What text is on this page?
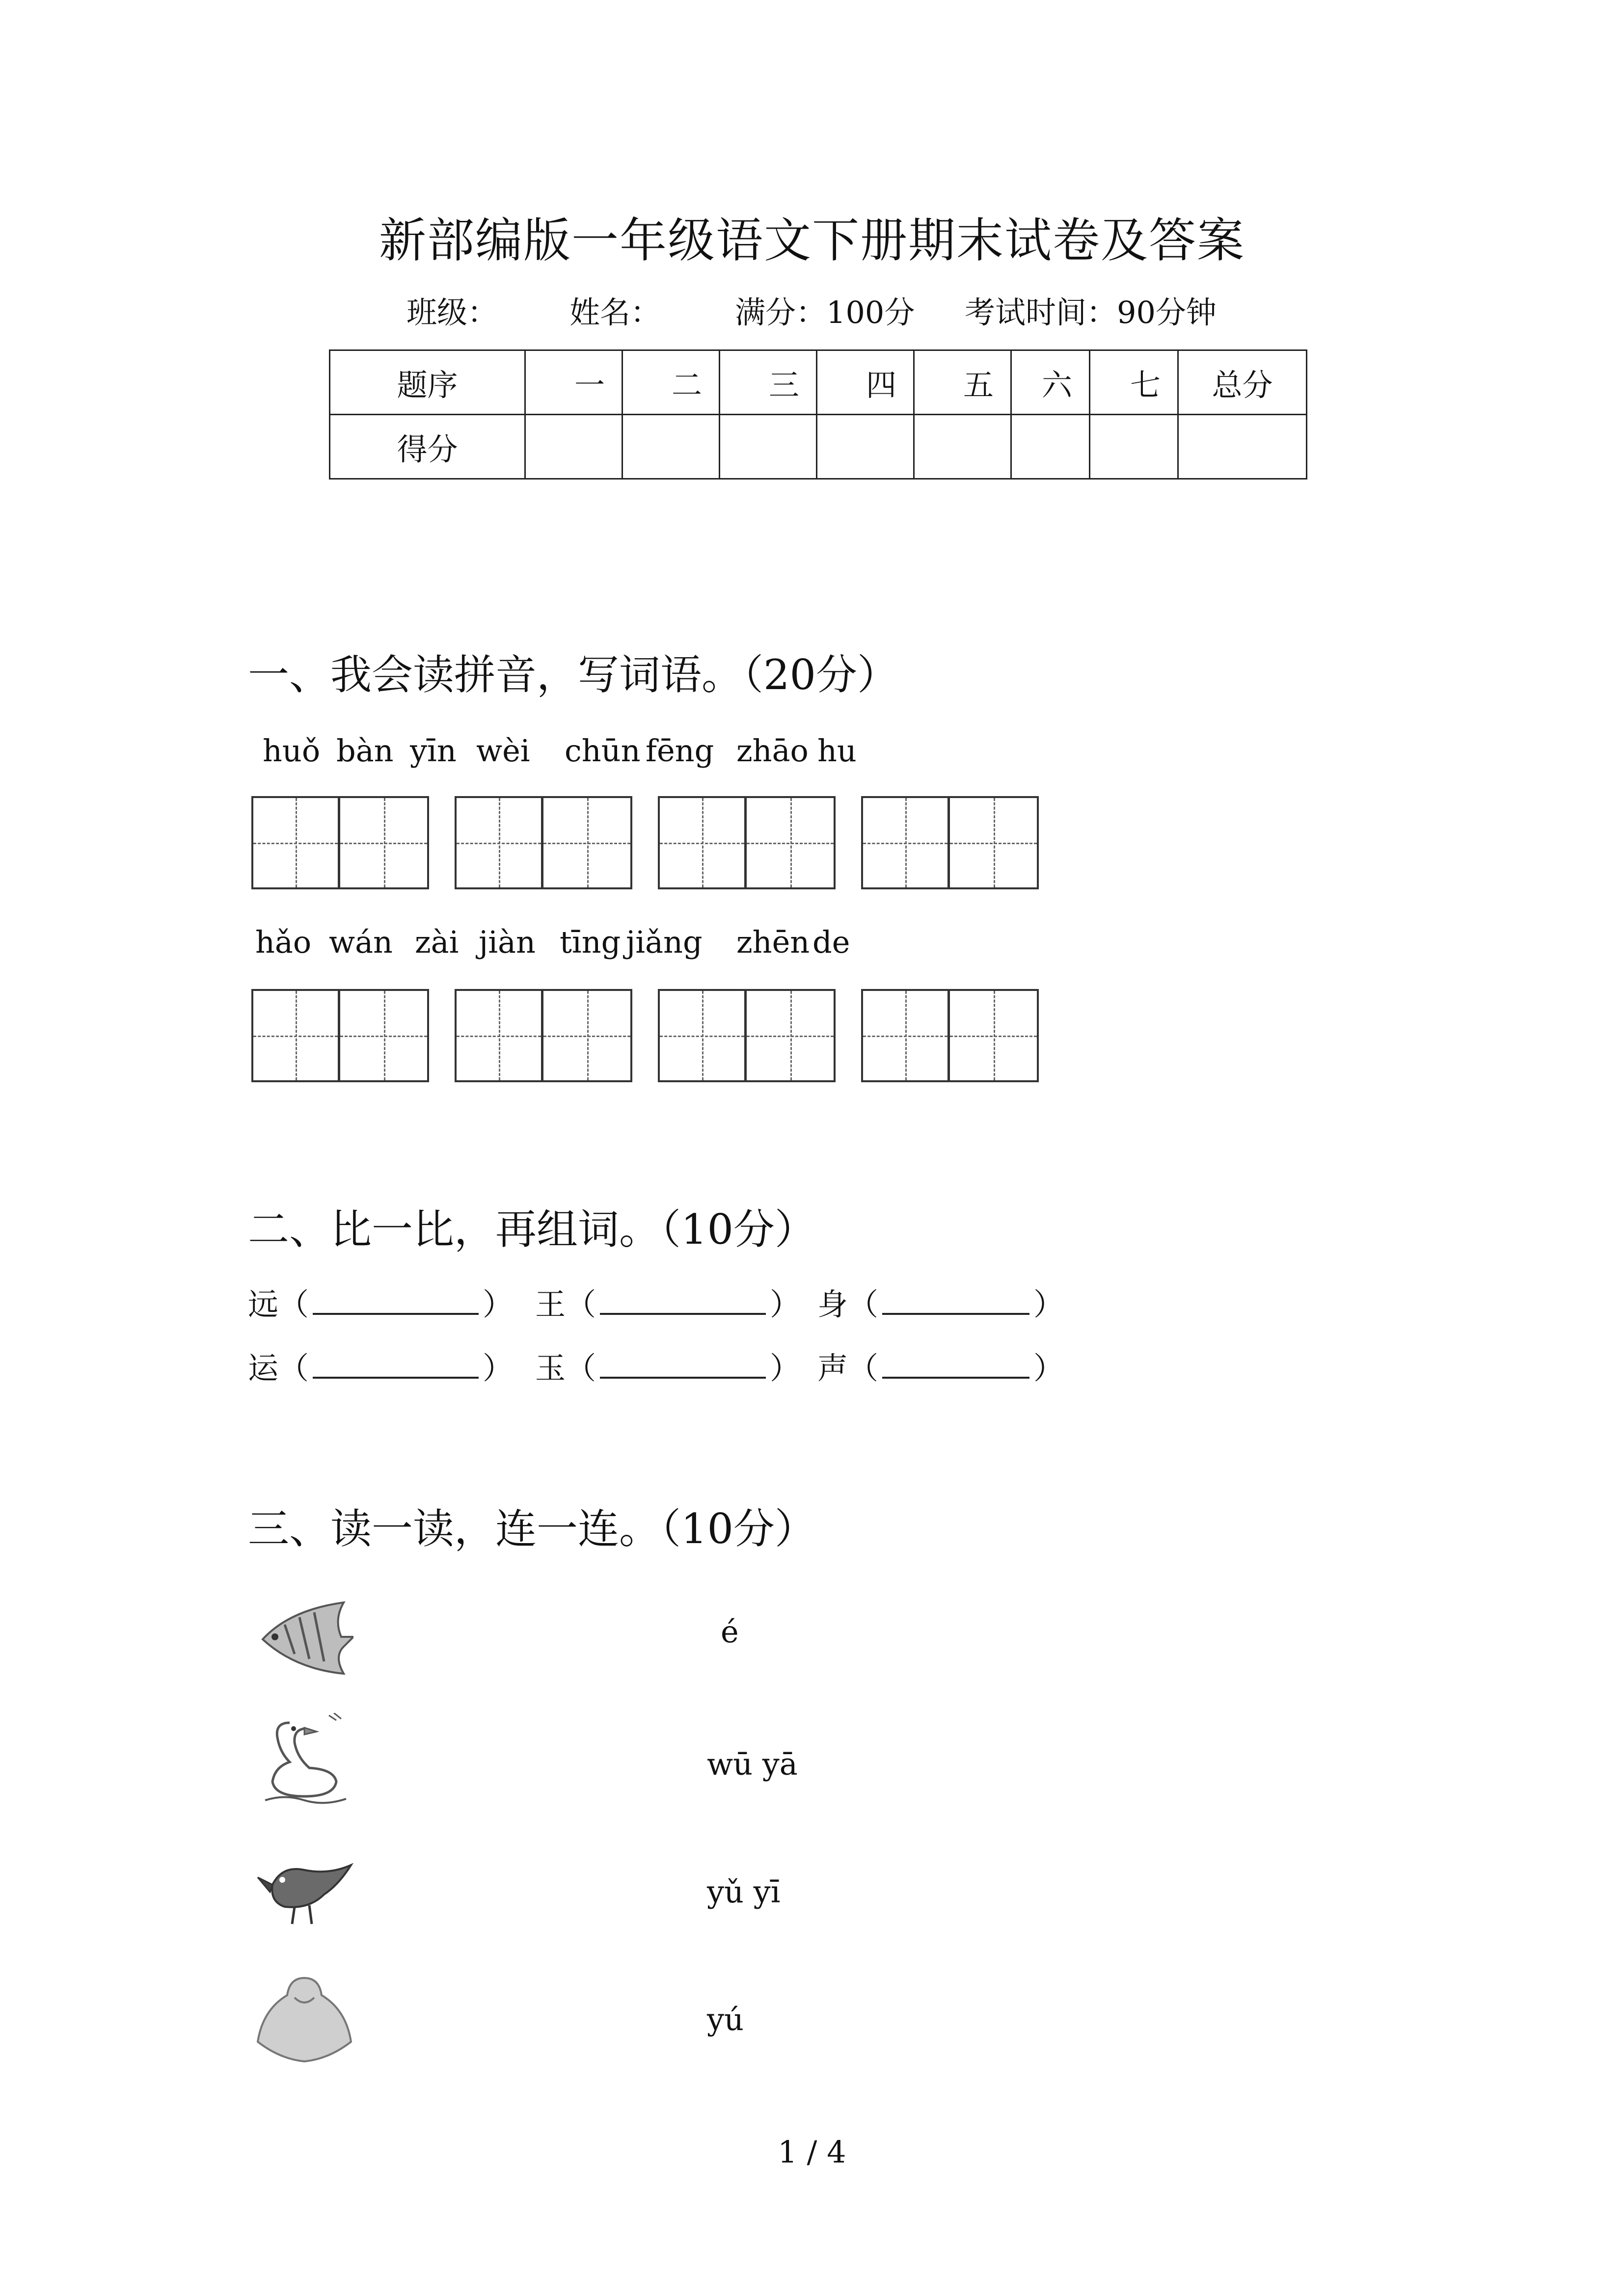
新部编版一年级语文下册期末试卷及答案
班级： 姓名： 满分：100分 考试时间：90分钟
题序	一	二	三	四	五	六	七	总分
得分								
一、我会读拼音，写词语。（20分）
huǒ bàn yīn wèi chūn fēng zhāo hu
hǎo wán zài jiàn tīng jiǎng zhēn de
二、比一比，再组词。（10分）
远（	） 王（	） 身（	）
运（	） 玉（	） 声（	）
三、读一读，连一连。（10分）
é
wū yā
yǔ yī
yú
1 / 4
